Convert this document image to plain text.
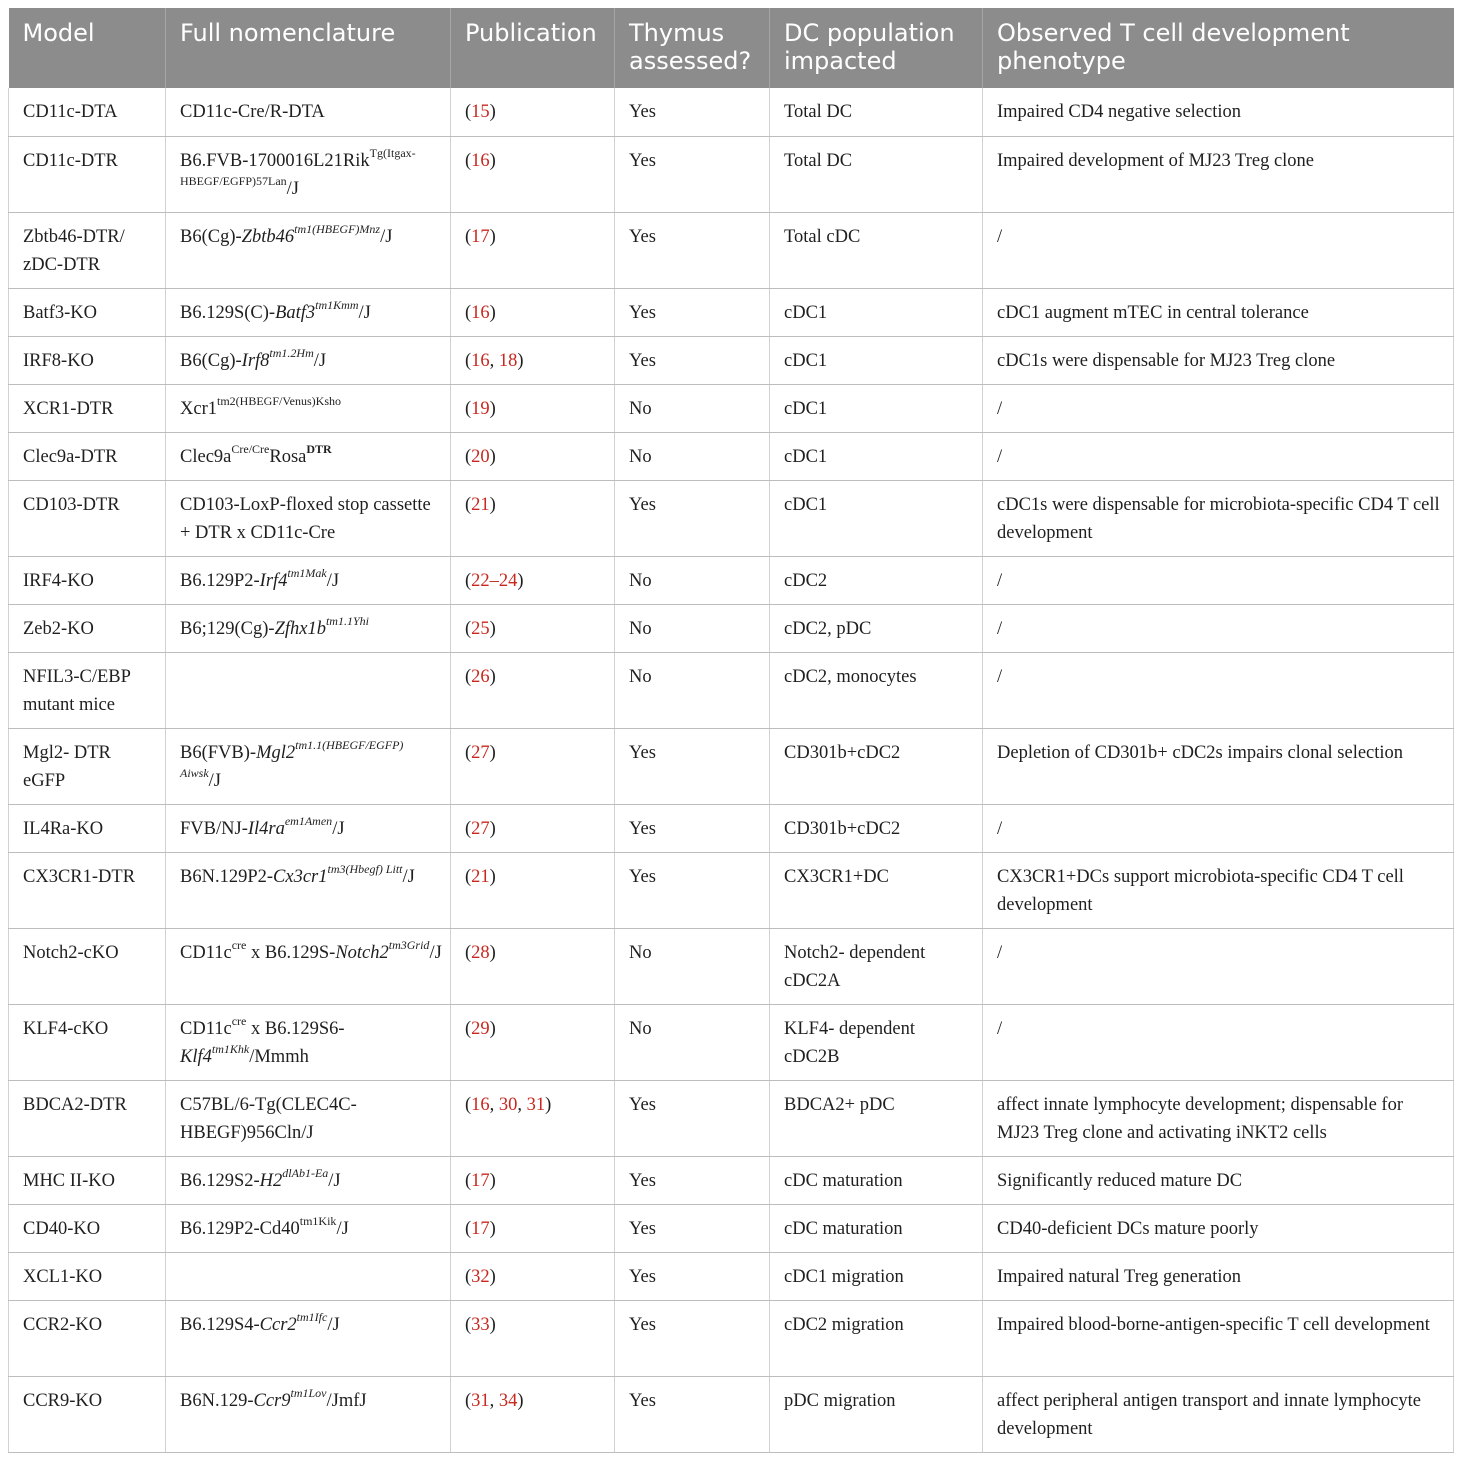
Model	Full nomenclature	Publication	Thymus assessed?	DC population impacted	Observed T cell development phenotype
CD11c-DTA	CD11c-Cre/R-DTA	(15)	Yes	Total DC	Impaired CD4 negative selection
CD11c-DTR	B6.FVB-1700016L21Rik$^{Tg(Itgax-HBEGF/EGFP)57Lan}$/J	(16)	Yes	Total DC	Impaired development of MJ23 Treg clone
Zbtb46-DTR/ zDC-DTR	$B6(Cg)-Zbtb46^{tm1(HBEGF)Mnz}/J$	(17)	Yes	Total cDC	/
Batf3-KO	$B6.129S(C)-Batf3^{tm1Kmm}/J$	(16)	Yes	cDC1	cDC1 augment mTEC in central tolerance
IRF8-KO	$B6(Cg)-Irf8^{tm1.2Hm}/J$	(16, 18)	Yes	cDC1	cDC1s were dispensable for MJ23 Treg clone
XCR1-DTR	$Xcr1^{tm2(HBEGF/Venus)Ksho}$	(19)	No	cDC1	/
Clec9a-DTR	$Clec9a^{Cre/Cre}Rosa^{DTR}$	(20)	No	cDC1	/
CD103-DTR	CD103-LoxP-floxed stop cassette + DTR x CD11c-Cre	(21)	Yes	cDC1	cDC1s were dispensable for microbiota-specific CD4 T cell development
IRF4-KO	$B6.129P2-Irf4^{tm1Mak}/J$	(22–24)	No	cDC2	/
Zeb2-KO	$B6;129(Cg)-Zfhx1b^{tm1.1Yhi}$	(25)	No	cDC2, pDC	/
NFIL3-C/EBP mutant mice		(26)	No	cDC2, monocytes	/
Mgl2- DTR eGFP	$B6(FVB)-Mgl2^{tm1.1(HBEGF/EGFP) Aiwsk}/J$	(27)	Yes	CD301b+cDC2	Depletion of CD301b+ cDC2s impairs clonal selection
IL4Ra-KO	FVB/$NJ-Il4ra^{em1Amen}/J$	(27)	Yes	CD301b+cDC2	/
CX3CR1-DTR	$B6N.129P2-Cx3cr1^{tm3(Hbegf) Litt}/J$	(21)	Yes	CX3CR1+DC	CX3CR1+DCs support microbiota-specific CD4 T cell development
Notch2-cKO	$CD11c^{cre}$ x $B6.129S-Notch2^{tm3Grid}/J$	(28)	No	Notch2- dependent cDC2A	/
KLF4-cKO	$CD11c^{cre}$ x $B6.129S6-Klf4^{tm1Khk}$/Mmmh	(29)	No	KLF4- dependent cDC2B	/
BDCA2-DTR	C57BL/6-Tg(CLEC4C-HBEGF)956Cln/J	(16, 30, 31)	Yes	BDCA2+ pDC	affect innate lymphocyte development; dispensable for MJ23 Treg clone and activating iNKT2 cells
MHC II-KO	$B6.129S2-H2^{dlAb1-Ea}/J$	(17)	Yes	cDC maturation	Significantly reduced mature DC
CD40-KO	$B6.129P2-Cd40^{tm1Kik}/J$	(17)	Yes	cDC maturation	CD40-deficient DCs mature poorly
XCL1-KO		(32)	Yes	cDC1 migration	Impaired natural Treg generation
CCR2-KO	$B6.129S4-Ccr2^{tm1Ifc}/J$	(33)	Yes	cDC2 migration	Impaired blood-borne-antigen-specific T cell development
CCR9-KO	$B6N.129-Ccr9^{tm1Lov}$/JmfJ	(31, 34)	Yes	pDC migration	affect peripheral antigen transport and innate lymphocyte development
